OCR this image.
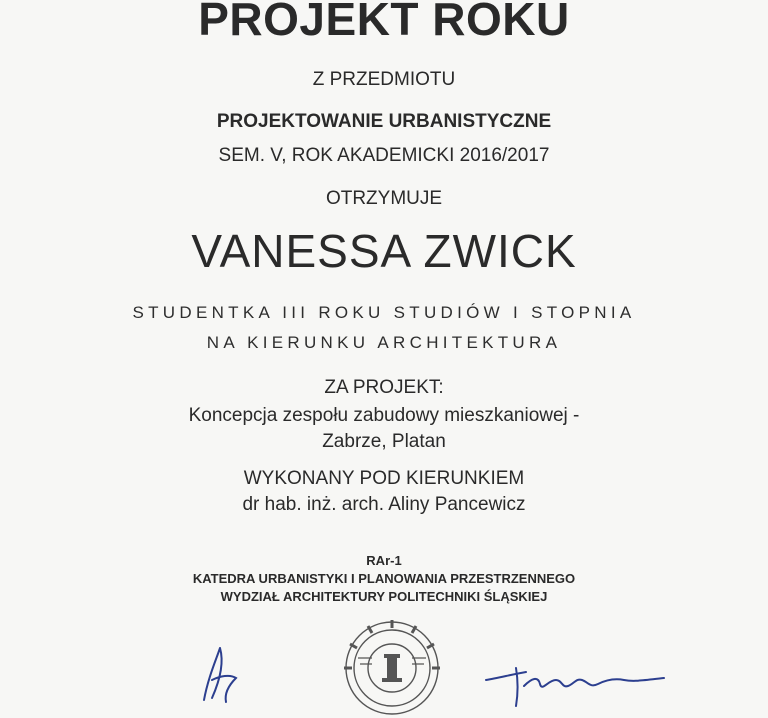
PROJEKT ROKU
Z PRZEDMIOTU
PROJEKTOWANIE URBANISTYCZNE
SEM. V, ROK AKADEMICKI 2016/2017
OTRZYMUJE
VANESSA ZWICK
STUDENTKA III ROKU STUDIÓW I STOPNIA
NA KIERUNKU ARCHITEKTURA
ZA PROJEKT:
Koncepcja zespołu zabudowy mieszkaniowej -
Zabrze, Platan
WYKONANY POD KIERUNKIEM
dr hab. inż. arch. Aliny Pancewicz
RAr-1
KATEDRA URBANISTYKI I PLANOWANIA PRZESTRZENNEGO
WYDZIAŁ ARCHITEKTURY POLITECHNIKI ŚLĄSKIEJ
